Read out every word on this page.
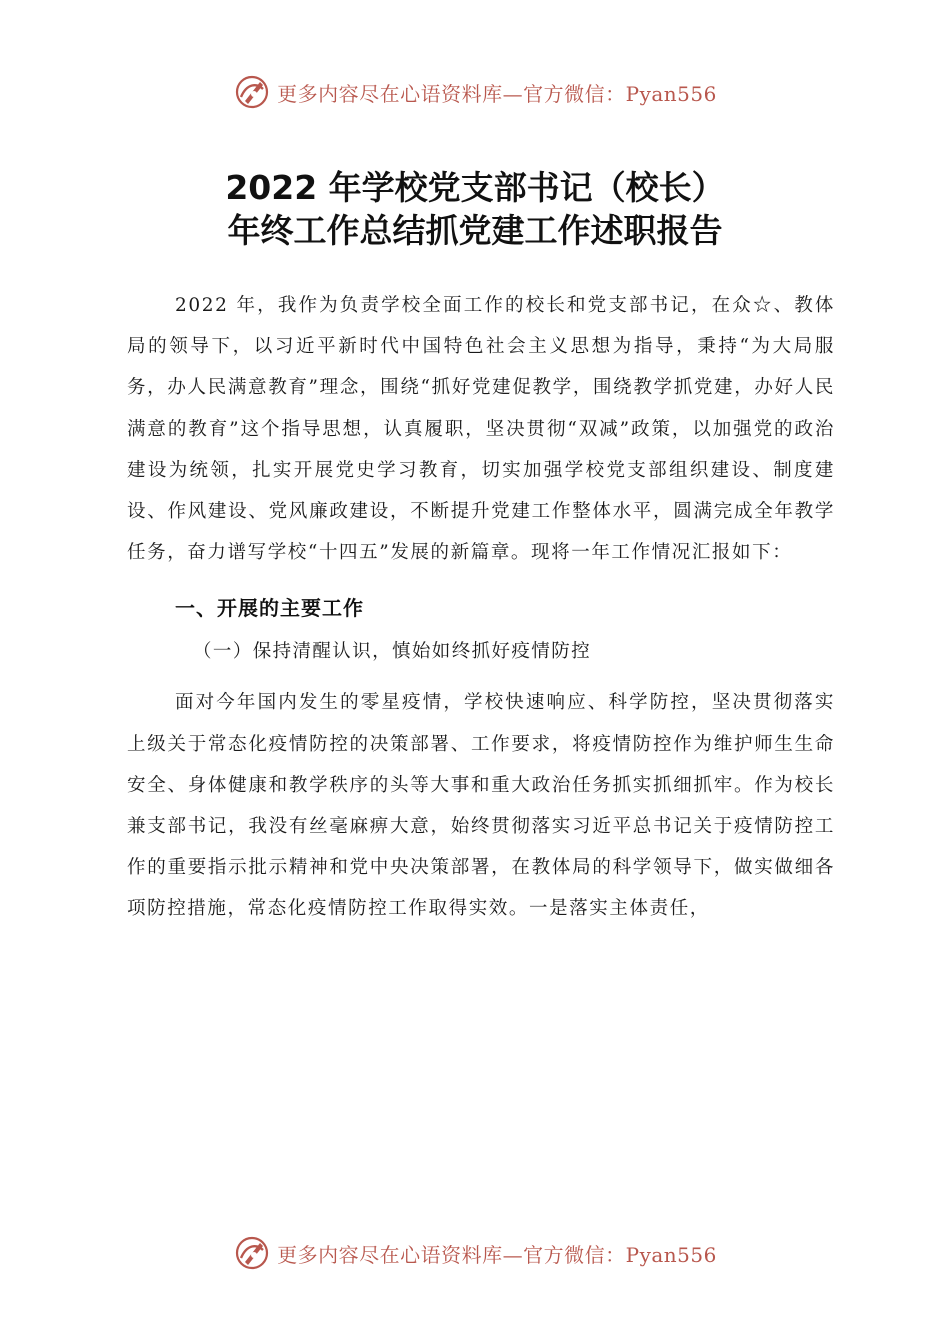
更多内容尽在心语资料库—官方微信：Pyan556
2022 年学校党支部书记（校长）
年终工作总结抓党建工作述职报告

2022 年，我作为负责学校全面工作的校长和党支部书记，在众☆、教体局的领导下，以习近平新时代中国特色社会主义思想为指导，秉持“为大局服务，办人民满意教育”理念，围绕“抓好党建促教学，围绕教学抓党建，办好人民满意的教育”这个指导思想，认真履职，坚决贯彻“双减”政策，以加强党的政治建设为统领，扎实开展党史学习教育，切实加强学校党支部组织建设、制度建设、作风建设、党风廉政建设，不断提升党建工作整体水平，圆满完成全年教学任务，奋力谱写学校“十四五”发展的新篇章。现将一年工作情况汇报如下：

一、开展的主要工作
（一）保持清醒认识，慎始如终抓好疫情防控

面对今年国内发生的零星疫情，学校快速响应、科学防控，坚决贯彻落实上级关于常态化疫情防控的决策部署、工作要求，将疫情防控作为维护师生生命安全、身体健康和教学秩序的头等大事和重大政治任务抓实抓细抓牢。作为校长兼支部书记，我没有丝毫麻痹大意，始终贯彻落实习近平总书记关于疫情防控工作的重要指示批示精神和党中央决策部署，在教体局的科学领导下，做实做细各项防控措施，常态化疫情防控工作取得实效。一是落实主体责任，

更多内容尽在心语资料库—官方微信：Pyan556
